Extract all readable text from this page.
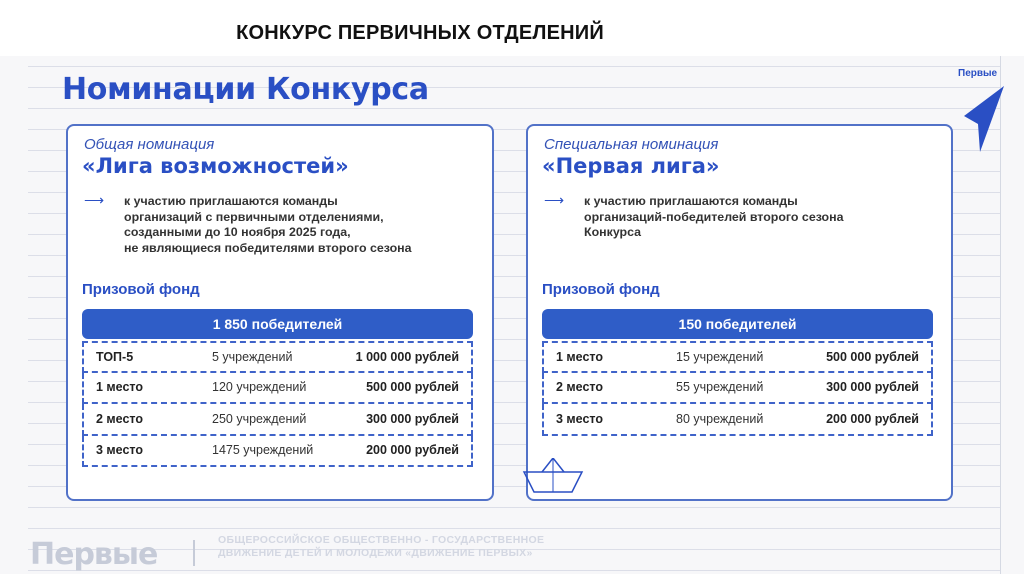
КОНКУРС ПЕРВИЧНЫХ ОТДЕЛЕНИЙ
Номинации Конкурса	Первые
Общая номинация
«Лига возможностей»
⟶ к участию приглашаются команды
организаций с первичными отделениями,
созданными до 10 ноября 2025 года,
не являющиеся победителями второго сезона
Призовой фонд
1 850 победителей
ТОП-5	5 учреждений	1 000 000 рублей
1 место	120 учреждений	500 000 рублей
2 место	250 учреждений	300 000 рублей
3 место	1475 учреждений	200 000 рублей
Специальная номинация
«Первая лига»
⟶ к участию приглашаются команды
организаций-победителей второго сезона
Конкурса
Призовой фонд
150 победителей
1 место	15 учреждений	500 000 рублей
2 место	55 учреждений	300 000 рублей
3 место	80 учреждений	200 000 рублей
Первые	ОБЩЕРОССИЙСКОЕ ОБЩЕСТВЕННО - ГОСУДАРСТВЕННОЕ
ДВИЖЕНИЕ ДЕТЕЙ И МОЛОДЕЖИ «ДВИЖЕНИЕ ПЕРВЫХ»
